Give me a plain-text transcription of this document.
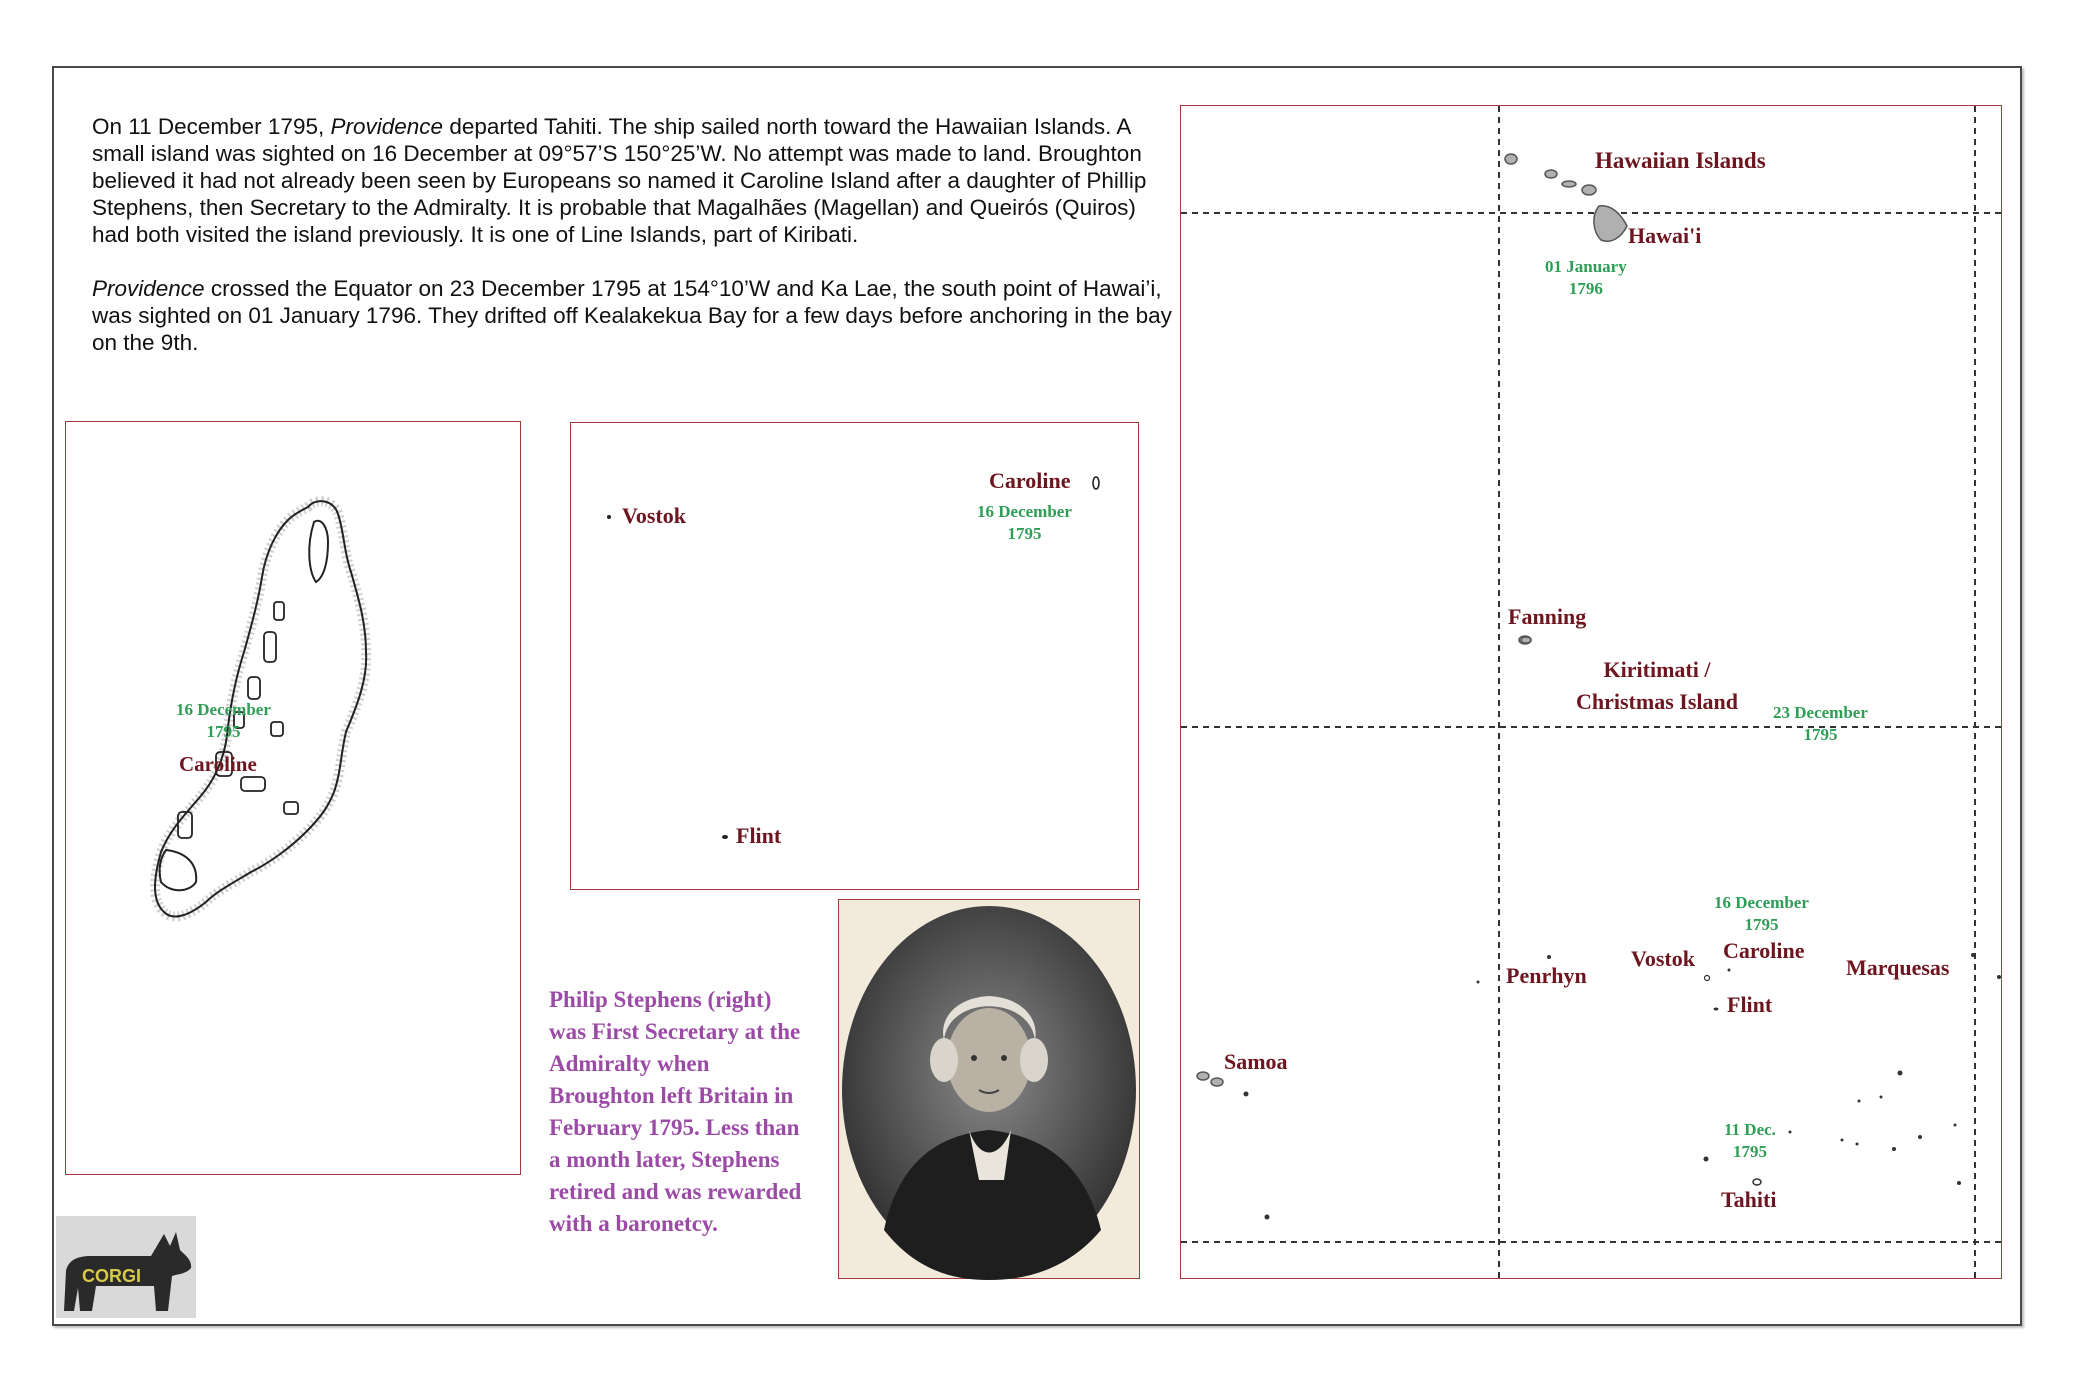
On 11 December 1795, Providence departed Tahiti. The ship sailed north toward the Hawaiian Islands. A small island was sighted on 16 December at 09°57’S 150°25’W. No attempt was made to land. Broughton believed it had not already been seen by Europeans so named it Caroline Island after a daughter of Phillip Stephens, then Secretary to the Admiralty. It is probable that Magalhães (Magellan) and Queirós (Quiros) had both visited the island previously. It is one of Line Islands, part of Kiribati.

Providence crossed the Equator on 23 December 1795 at 154°10’W and Ka Lae, the south point of Hawai’i, was sighted on 01 January 1796. They drifted off Kealakekua Bay for a few days before anchoring in the bay on the 9th.

16 December
1795
Caroline
Vostok
Caroline
16 December
1795
Flint
Philip Stephens (right) was First Secretary at the Admiralty when Broughton left Britain in February 1795. Less than a month later, Stephens retired and was rewarded with a baronetcy.
CORGI
Hawaiian Islands
Hawai'i
01 January
1796
Fanning
Kiritimati /
Christmas Island 23 December
1795
16 December
1795
Penrhyn
Vostok Caroline
Marquesas
Flint
Samoa
11 Dec.
1795
Tahiti
